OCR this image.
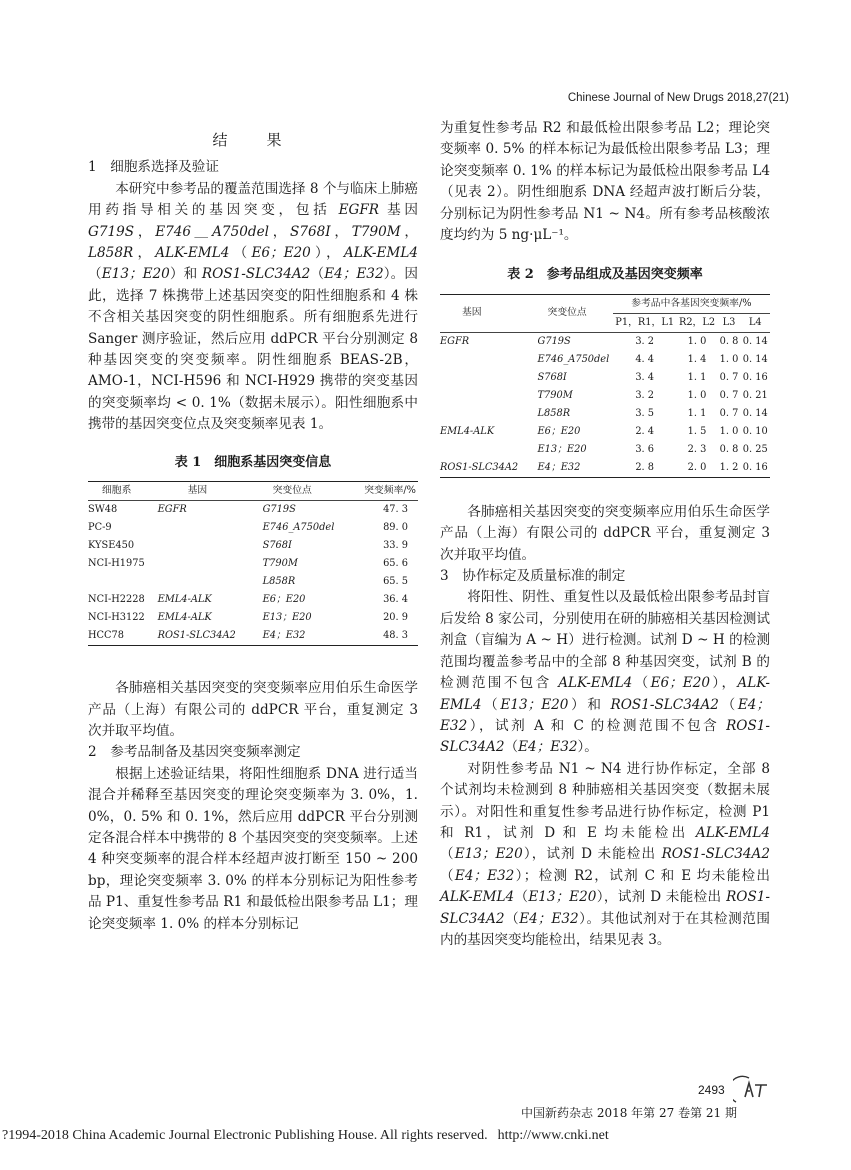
Chinese Journal of New Drugs 2018,27(21)

结　果

1　细胞系选择及验证

本研究中参考品的覆盖范围选择 8 个与临床上肺癌用药指导相关的基因突变，包括 EGFR 基因 G719S，E746＿A750del，S768I，T790M，L858R，ALK-EML4（E6；E20），ALK-EML4（E13；E20）和 ROS1-SLC34A2（E4；E32）。因此，选择 7 株携带上述基因突变的阳性细胞系和 4 株不含相关基因突变的阴性细胞系。所有细胞系先进行 Sanger 测序验证，然后应用 ddPCR 平台分别测定 8 种基因突变的突变频率。阴性细胞系 BEAS-2B，AMO-1，NCI-H596 和 NCI-H929 携带的突变基因的突变频率均 < 0. 1%（数据未展示）。阳性细胞系中携带的基因突变位点及突变频率见表 1。

表 1　细胞系基因突变信息

细胞系	基因	突变位点	突变频率/%
SW48	EGFR	G719S	47. 3
PC-9		E746_A750del	89. 0
KYSE450		S768I	33. 9
NCI-H1975		T790M	65. 6
		L858R	65. 5
NCI-H2228	EML4-ALK	E6；E20	36. 4
NCI-H3122	EML4-ALK	E13；E20	20. 9
HCC78	ROS1-SLC34A2	E4；E32	48. 3

各肺癌相关基因突变的突变频率应用伯乐生命医学产品（上海）有限公司的 ddPCR 平台，重复测定 3 次并取平均值。

2　参考品制备及基因突变频率测定

根据上述验证结果，将阳性细胞系 DNA 进行适当混合并稀释至基因突变的理论突变频率为 3. 0%，1. 0%，0. 5% 和 0. 1%，然后应用 ddPCR 平台分别测定各混合样本中携带的 8 个基因突变的突变频率。上述 4 种突变频率的混合样本经超声波打断至 150 ~ 200 bp，理论突变频率 3. 0% 的样本分别标记为阳性参考品 P1、重复性参考品 R1 和最低检出限参考品 L1；理论突变频率 1. 0% 的样本分别标记

为重复性参考品 R2 和最低检出限参考品 L2；理论突变频率 0. 5% 的样本标记为最低检出限参考品 L3；理论突变频率 0. 1% 的样本标记为最低检出限参考品 L4（见表 2）。阴性细胞系 DNA 经超声波打断后分装，分别标记为阴性参考品 N1 ~ N4。所有参考品核酸浓度均约为 5 ng·μL⁻¹。

表 2　参考品组成及基因突变频率

基因	突变位点	参考品中各基因突变频率/%			
		P1，R1，L1	R2，L2	L3	L4
EGFR	G719S	3. 2	1. 0	0. 8	0. 14
	E746_A750del	4. 4	1. 4	1. 0	0. 14
	S768I	3. 4	1. 1	0. 7	0. 16
	T790M	3. 2	1. 0	0. 7	0. 21
	L858R	3. 5	1. 1	0. 7	0. 14
EML4-ALK	E6；E20	2. 4	1. 5	1. 0	0. 10
	E13；E20	3. 6	2. 3	0. 8	0. 25
ROS1-SLC34A2	E4；E32	2. 8	2. 0	1. 2	0. 16

各肺癌相关基因突变的突变频率应用伯乐生命医学产品（上海）有限公司的 ddPCR 平台，重复测定 3 次并取平均值。

3　协作标定及质量标准的制定

将阳性、阴性、重复性以及最低检出限参考品封盲后发给 8 家公司，分别使用在研的肺癌相关基因检测试剂盒（盲编为 A ~ H）进行检测。试剂 D ~ H 的检测范围均覆盖参考品中的全部 8 种基因突变，试剂 B 的检测范围不包含 ALK-EML4（E6；E20），ALK-EML4（E13；E20）和 ROS1-SLC34A2（E4；E32），试剂 A 和 C 的检测范围不包含 ROS1-SLC34A2（E4；E32）。

对阴性参考品 N1 ~ N4 进行协作标定，全部 8 个试剂均未检测到 8 种肺癌相关基因突变（数据未展示）。对阳性和重复性参考品进行协作标定，检测 P1 和 R1，试剂 D 和 E 均未能检出 ALK-EML4（E13；E20），试剂 D 未能检出 ROS1-SLC34A2（E4；E32）；检测 R2，试剂 C 和 E 均未能检出 ALK-EML4（E13；E20），试剂 D 未能检出 ROS1-SLC34A2（E4；E32）。其他试剂对于在其检测范围内的基因突变均能检出，结果见表 3。

2493
中国新药杂志 2018 年第 27 卷第 21 期
?1994-2018 China Academic Journal Electronic Publishing House. All rights reserved. http://www.cnki.net
